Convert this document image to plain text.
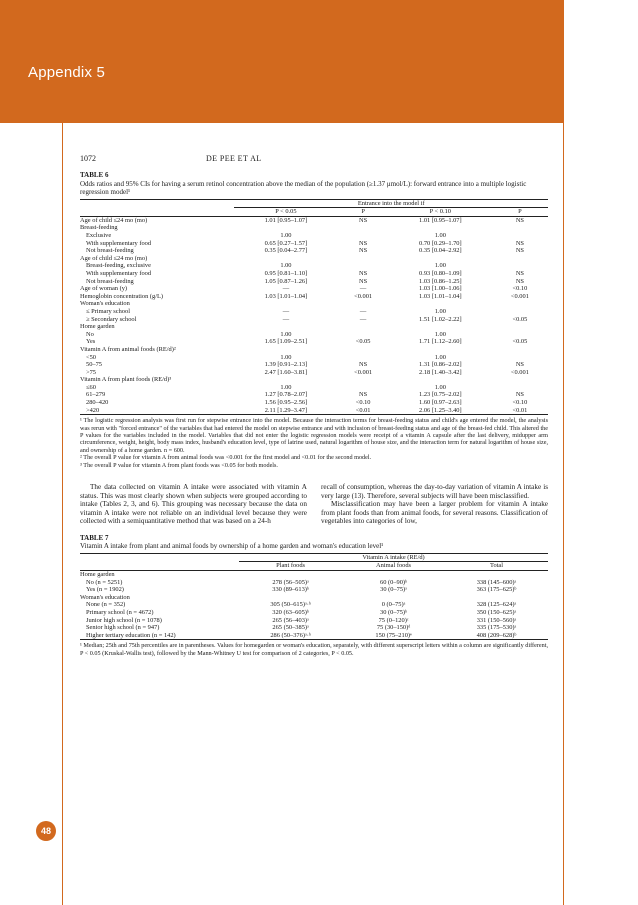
Appendix 5
1072	DE PEE ET AL
TABLE 6
Odds ratios and 95% CIs for having a serum retinol concentration above the median of the population (≥1.37 μmol/L): forward entrance into a multiple logistic regression model¹
	Entrance into the model if			
	P < 0.05	P	P < 0.10	P
Age of child ≤24 mo (mo)	1.01 [0.95–1.07]	NS	1.01 [0.95–1.07]	NS
Breast-feeding				
Exclusive	1.00		1.00	
With supplementary food	0.65 [0.27–1.57]	NS	0.70 [0.29–1.70]	NS
Not breast-feeding	0.35 [0.04–2.77]	NS	0.35 [0.04–2.92]	NS
Age of child ≤24 mo (mo)				
Breast-feeding, exclusive	1.00		1.00	
With supplementary food	0.95 [0.81–1.10]	NS	0.93 [0.80–1.09]	NS
Not breast-feeding	1.05 [0.87–1.26]	NS	1.03 [0.86–1.25]	NS
Age of woman (y)	—	—	1.03 [1.00–1.06]	<0.10
Hemoglobin concentration (g/L)	1.03 [1.01–1.04]	<0.001	1.03 [1.01–1.04]	<0.001
Woman's education				
≤ Primary school	—	—	1.00	
≥ Secondary school	—	—	1.51 [1.02–2.22]	<0.05
Home garden				
No	1.00		1.00	
Yes	1.65 [1.09–2.51]	<0.05	1.71 [1.12–2.60]	<0.05
Vitamin A from animal foods (RE/d)²				
<50	1.00		1.00	
50–75	1.39 [0.91–2.13]	NS	1.31 [0.86–2.02]	NS
>75	2.47 [1.60–3.81]	<0.001	2.18 [1.40–3.42]	<0.001
Vitamin A from plant foods (RE/d)³				
≤60	1.00		1.00	
61–279	1.27 [0.78–2.07]	NS	1.23 [0.75–2.02]	NS
280–420	1.56 [0.95–2.56]	<0.10	1.60 [0.97–2.63]	<0.10
>420	2.11 [1.29–3.47]	<0.01	2.06 [1.25–3.40]	<0.01

¹ The logistic regression analysis was first run for stepwise entrance into the model. Because the interaction terms for breast-feeding status and child's age entered the model, the analysis was rerun with "forced entrance" of the variables that had entered the model on stepwise entrance and with inclusion of breast-feeding status and age of the breast-fed child. This altered the P values for the variables included in the model. Variables that did not enter the logistic regression models were receipt of a vitamin A capsule after the last delivery, midupper arm circumference, weight, height, body mass index, husband's education level, type of latrine used, natural logarithm of house size, and the interaction term for natural logarithm of house size, and ownership of a home garden. n = 600.

² The overall P value for vitamin A from animal foods was <0.001 for the first model and <0.01 for the second model.

³ The overall P value for vitamin A from plant foods was <0.05 for both models.

The data collected on vitamin A intake were associated with vitamin A status. This was most clearly shown when subjects were grouped according to intake (Tables 2, 3, and 6). This grouping was necessary because the data on vitamin A intake were not reliable on an individual level because they were collected with a semiquantitative method that was based on a 24-h

recall of consumption, whereas the day-to-day variation of vitamin A intake is very large (13). Therefore, several subjects will have been misclassified.

Misclassification may have been a larger problem for vitamin A intake from plant foods than from animal foods, for several reasons. Classification of vegetables into categories of low,

TABLE 7
Vitamin A intake from plant and animal foods by ownership of a home garden and woman's education level¹
	Vitamin A intake (RE/d)		
	Plant foods	Animal foods	Total
Home garden			
No (n = 5251)	278 (56–505)ᵃ	60 (0–90)ᵇ	338 (145–600)ᵃ
Yes (n = 1902)	330 (89–613)ᵇ	30 (0–75)ᵃ	363 (175–625)ᵇ
Woman's education			
None (n = 352)	305 (50–615)ᵃ·ᵇ	0 (0–75)ᵃ	328 (125–624)ᵃ
Primary school (n = 4672)	320 (63–605)ᵇ	30 (0–75)ᵇ	350 (150–625)ᵃ
Junior high school (n = 1078)	265 (56–403)ᵃ	75 (0–120)ᶜ	331 (150–560)ᵃ
Senior high school (n = 947)	265 (50–385)ᵃ	75 (30–150)ᵈ	335 (175–530)ᵃ
Higher tertiary education (n = 142)	286 (50–376)ᵃ·ᵇ	150 (75–210)ᵉ	408 (209–628)ᵇ

¹ Median; 25th and 75th percentiles are in parentheses. Values for homegarden or woman's education, separately, with different superscript letters within a column are significantly different, P < 0.05 (Kruskal-Wallis test), followed by the Mann-Whitney U test for comparison of 2 categories, P < 0.05.

48
